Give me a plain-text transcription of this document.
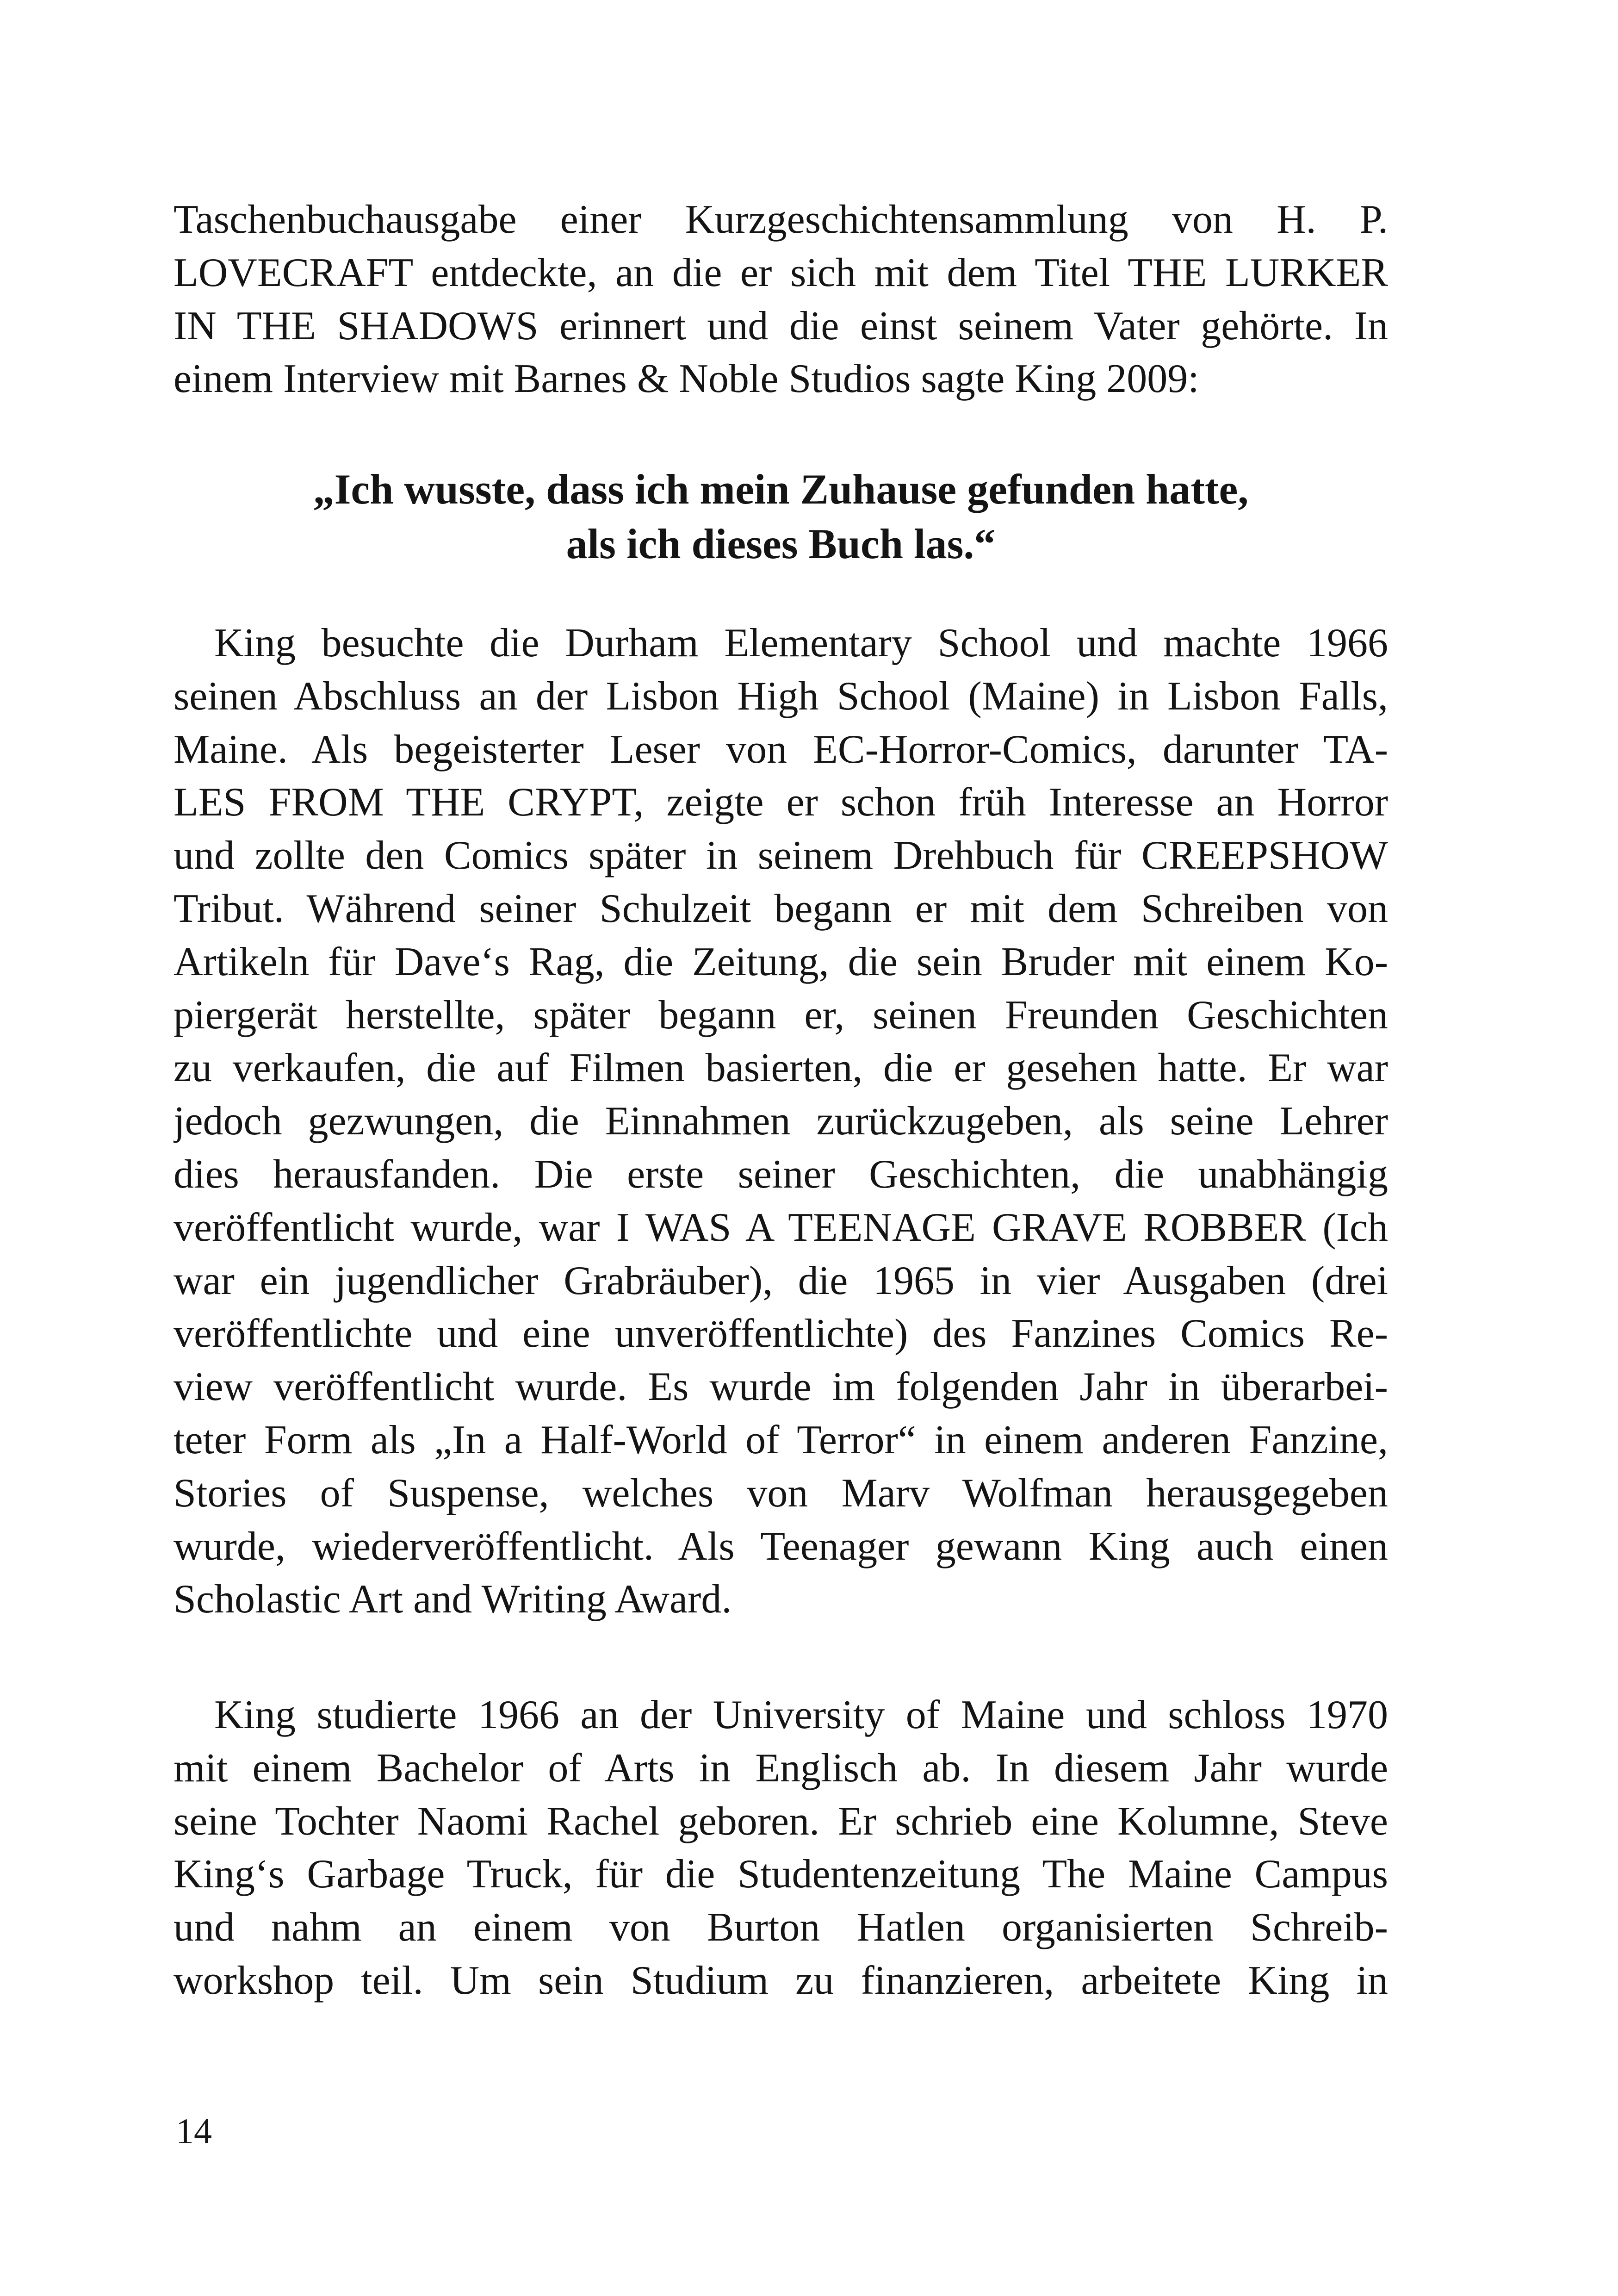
Taschenbuchausgabe einer Kurzgeschichtensammlung von H. P.
LOVECRAFT entdeckte, an die er sich mit dem Titel THE LURKER
IN THE SHADOWS erinnert und die einst seinem Vater gehörte. In
einem Interview mit Barnes & Noble Studios sagte King 2009:
„Ich wusste, dass ich mein Zuhause gefunden hatte,
als ich dieses Buch las.“
King besuchte die Durham Elementary School und machte 1966
seinen Abschluss an der Lisbon High School (Maine) in Lisbon Falls,
Maine. Als begeisterter Leser von EC-Horror-Comics, darunter TA-
LES FROM THE CRYPT, zeigte er schon früh Interesse an Horror
und zollte den Comics später in seinem Drehbuch für CREEPSHOW
Tribut. Während seiner Schulzeit begann er mit dem Schreiben von
Artikeln für Dave‘s Rag, die Zeitung, die sein Bruder mit einem Ko-
piergerät herstellte, später begann er, seinen Freunden Geschichten
zu verkaufen, die auf Filmen basierten, die er gesehen hatte. Er war
jedoch gezwungen, die Einnahmen zurückzugeben, als seine Lehrer
dies herausfanden. Die erste seiner Geschichten, die unabhängig
veröffentlicht wurde, war I WAS A TEENAGE GRAVE ROBBER (Ich
war ein jugendlicher Grabräuber), die 1965 in vier Ausgaben (drei
veröffentlichte und eine unveröffentlichte) des Fanzines Comics Re-
view veröffentlicht wurde. Es wurde im folgenden Jahr in überarbei-
teter Form als „In a Half-World of Terror“ in einem anderen Fanzine,
Stories of Suspense, welches von Marv Wolfman herausgegeben
wurde, wiederveröffentlicht. Als Teenager gewann King auch einen
Scholastic Art and Writing Award.
King studierte 1966 an der University of Maine und schloss 1970
mit einem Bachelor of Arts in Englisch ab. In diesem Jahr wurde
seine Tochter Naomi Rachel geboren. Er schrieb eine Kolumne, Steve
King‘s Garbage Truck, für die Studentenzeitung The Maine Campus
und nahm an einem von Burton Hatlen organisierten Schreib-
workshop teil. Um sein Studium zu finanzieren, arbeitete King in
14
